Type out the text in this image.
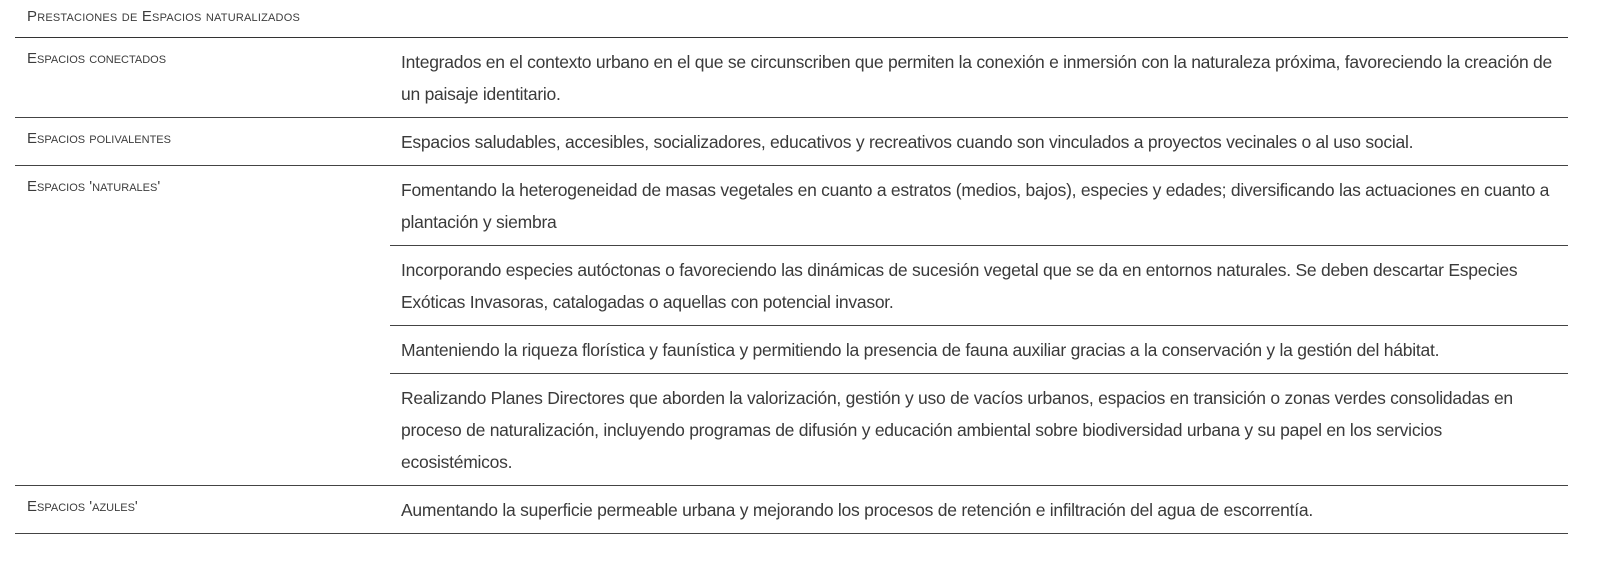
Prestaciones de Espacios naturalizados
Espacios conectados	Integrados en el contexto urbano en el que se circunscriben que permiten la conexión e inmersión con la naturaleza próxima, favoreciendo la creación de un paisaje identitario.
Espacios polivalentes	Espacios saludables, accesibles, socializadores, educativos y recreativos cuando son vinculados a proyectos vecinales o al uso social.
Espacios 'naturales'	Fomentando la heterogeneidad de masas vegetales en cuanto a estratos (medios, bajos), especies y edades; diversificando las actuaciones en cuanto a plantación y siembra
Incorporando especies autóctonas o favoreciendo las dinámicas de sucesión vegetal que se da en entornos naturales. Se deben descartar Especies Exóticas Invasoras, catalogadas o aquellas con potencial invasor.
Manteniendo la riqueza florística y faunística y permitiendo la presencia de fauna auxiliar gracias a la conservación y la gestión del hábitat.
Realizando Planes Directores que aborden la valorización, gestión y uso de vacíos urbanos, espacios en transición o zonas verdes consolidadas en proceso de naturalización, incluyendo programas de difusión y educación ambiental sobre biodiversidad urbana y su papel en los servicios ecosistémicos.
Espacios 'azules'	Aumentando la superficie permeable urbana y mejorando los procesos de retención e infiltración del agua de escorrentía.
